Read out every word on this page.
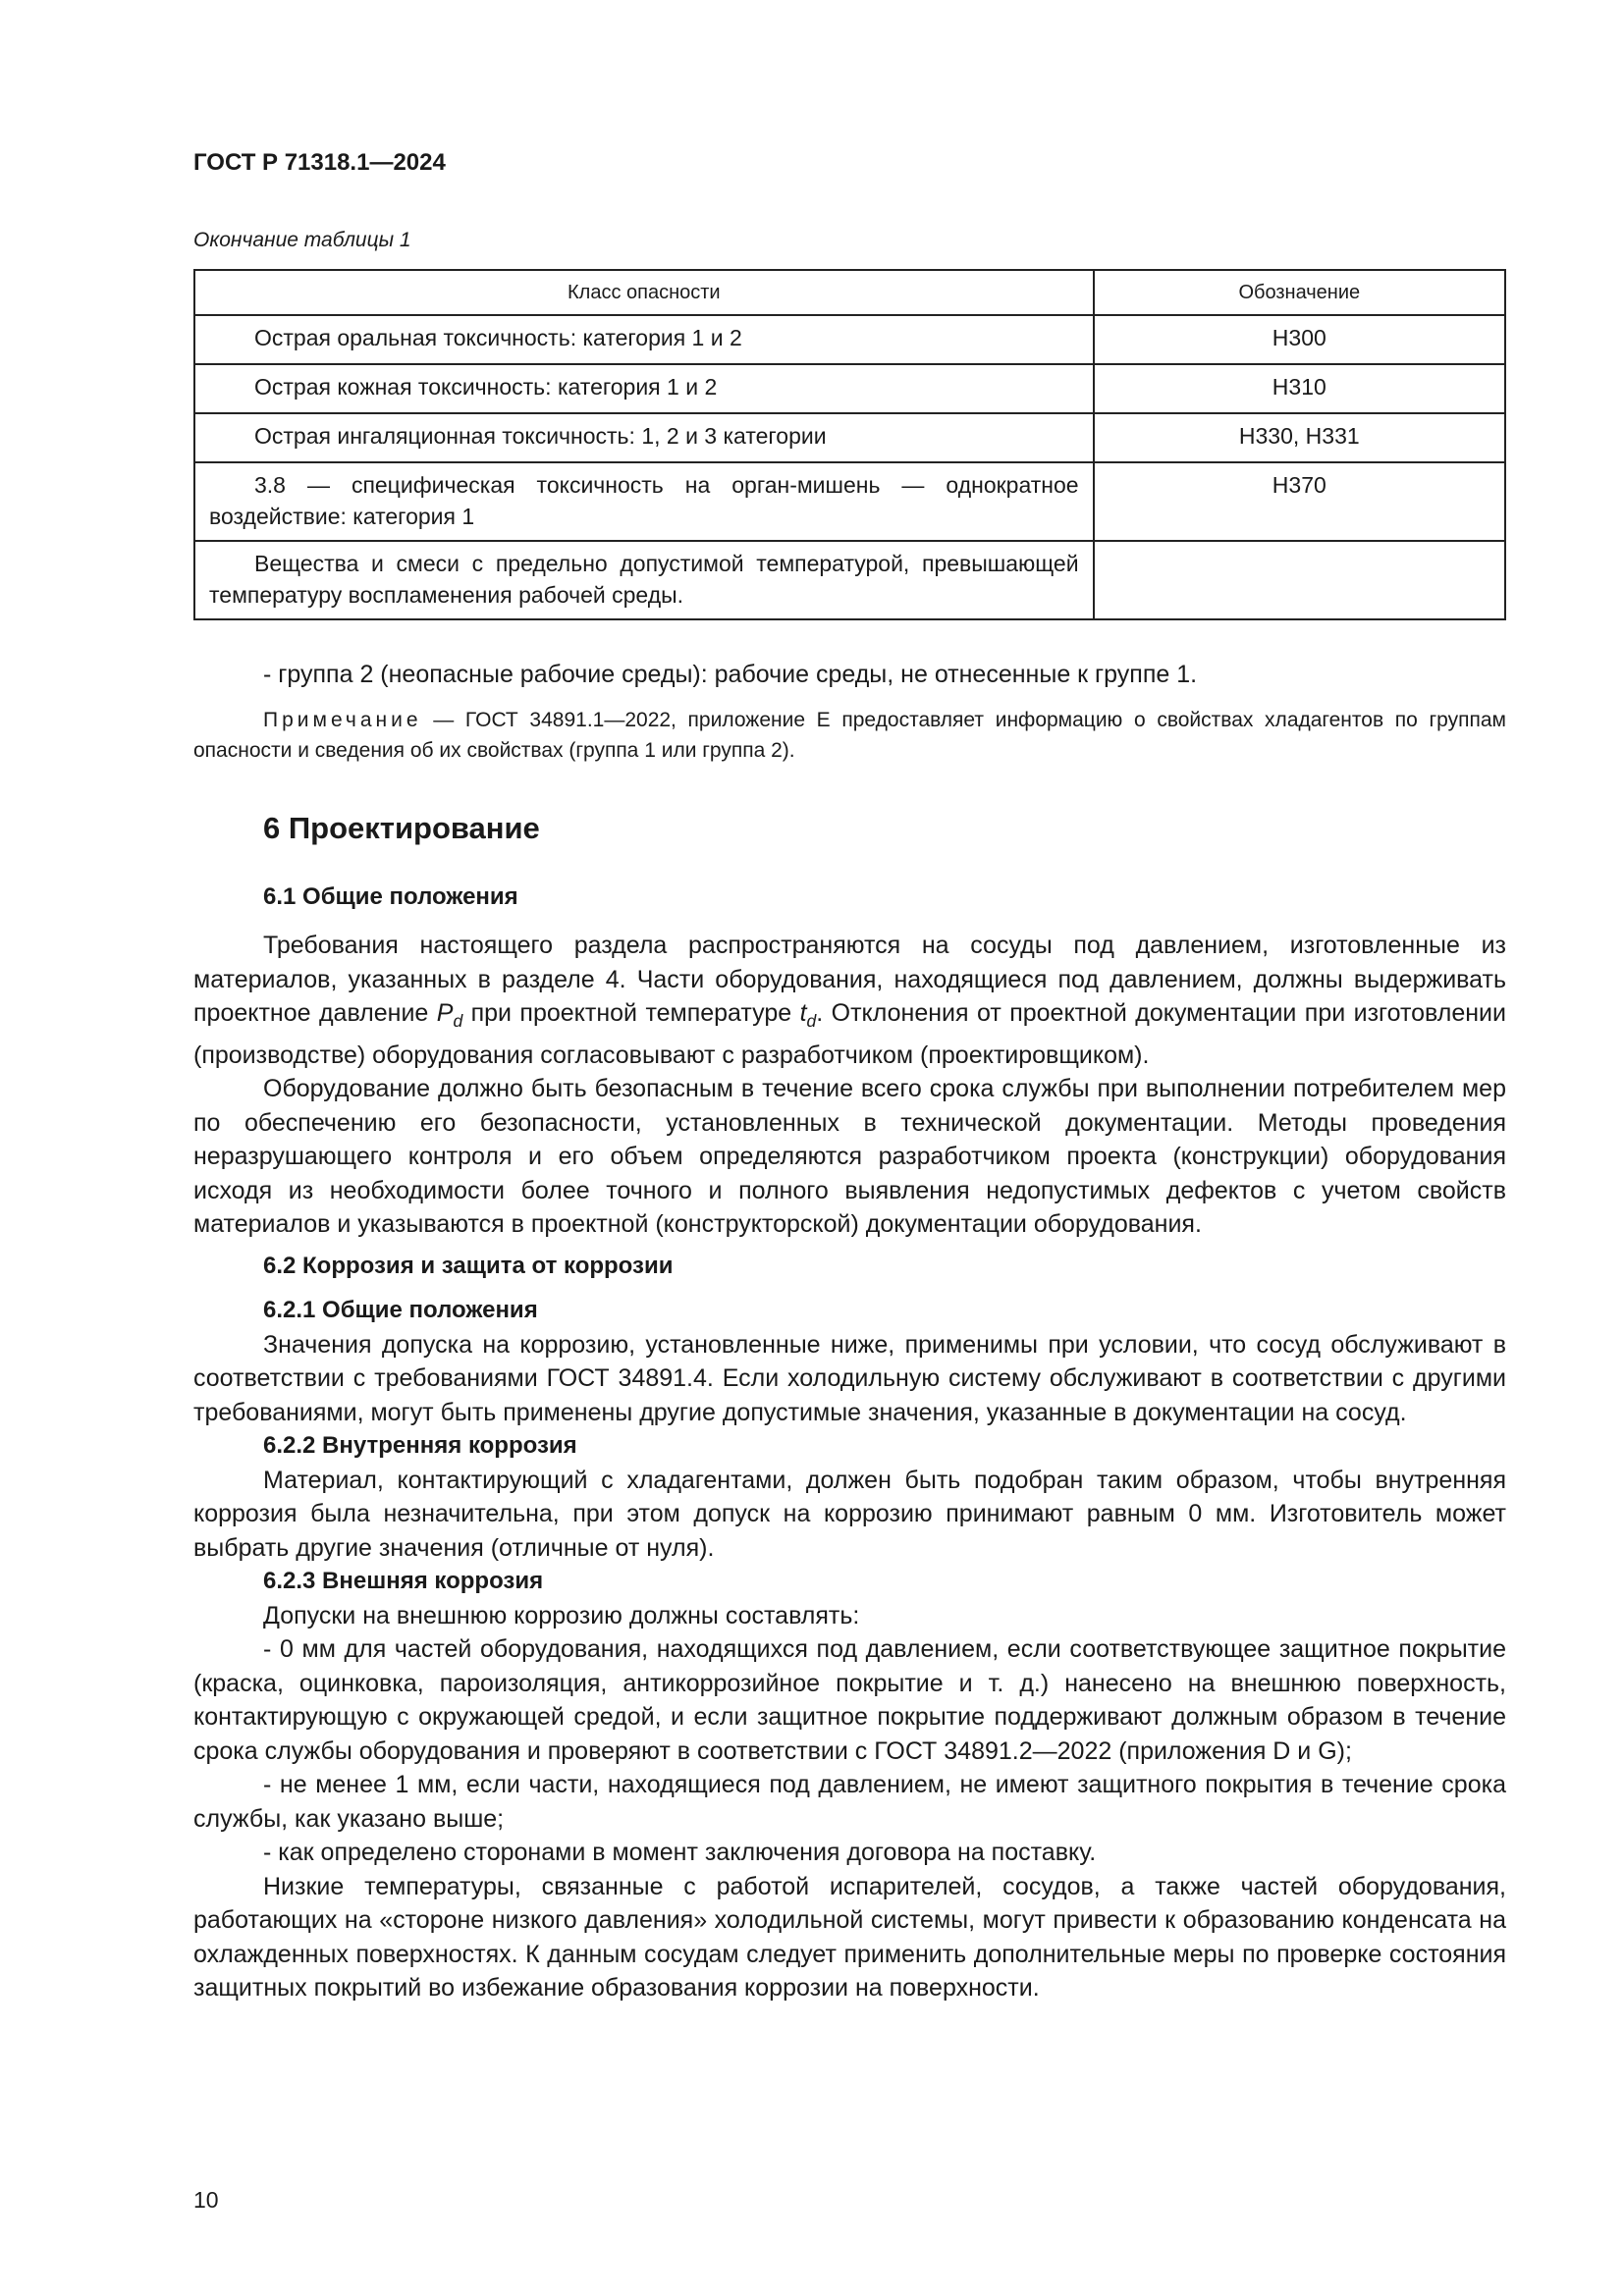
ГОСТ Р 71318.1—2024
Окончание таблицы 1
Класс опасности	Обозначение
Острая оральная токсичность: категория 1 и 2	H300
Острая кожная токсичность: категория 1 и 2	H310
Острая ингаляционная токсичность: 1, 2 и 3 категории	H330, H331
3.8 — специфическая токсичность на орган-мишень — однократное воздействие: категория 1	H370
Вещества и смеси с предельно допустимой температурой, превышающей температуру воспламенения рабочей среды.	

- группа 2 (неопасные рабочие среды): рабочие среды, не отнесенные к группе 1.

Примечание — ГОСТ 34891.1—2022, приложение Е предоставляет информацию о свойствах хладагентов по группам опасности и сведения об их свойствах (группа 1 или группа 2).
6 Проектирование
6.1 Общие положения

Требования настоящего раздела распространяются на сосуды под давлением, изготовленные из материалов, указанных в разделе 4. Части оборудования, находящиеся под давлением, должны выдерживать проектное давление $P_d$ при проектной температуре $t_d$. Отклонения от проектной документации при изготовлении (производстве) оборудования согласовывают с разработчиком (проектировщиком).

Оборудование должно быть безопасным в течение всего срока службы при выполнении потребителем мер по обеспечению его безопасности, установленных в технической документации. Методы проведения неразрушающего контроля и его объем определяются разработчиком проекта (конструкции) оборудования исходя из необходимости более точного и полного выявления недопустимых дефектов с учетом свойств материалов и указываются в проектной (конструкторской) документации оборудования.

6.2 Коррозия и защита от коррозии

6.2.1 Общие положения

Значения допуска на коррозию, установленные ниже, применимы при условии, что сосуд обслуживают в соответствии с требованиями ГОСТ 34891.4. Если холодильную систему обслуживают в соответствии с другими требованиями, могут быть применены другие допустимые значения, указанные в документации на сосуд.

6.2.2 Внутренняя коррозия

Материал, контактирующий с хладагентами, должен быть подобран таким образом, чтобы внутренняя коррозия была незначительна, при этом допуск на коррозию принимают равным 0 мм. Изготовитель может выбрать другие значения (отличные от нуля).

6.2.3 Внешняя коррозия

Допуски на внешнюю коррозию должны составлять:

- 0 мм для частей оборудования, находящихся под давлением, если соответствующее защитное покрытие (краска, оцинковка, пароизоляция, антикоррозийное покрытие и т. д.) нанесено на внешнюю поверхность, контактирующую с окружающей средой, и если защитное покрытие поддерживают должным образом в течение срока службы оборудования и проверяют в соответствии с ГОСТ 34891.2—2022 (приложения D и G);

- не менее 1 мм, если части, находящиеся под давлением, не имеют защитного покрытия в течение срока службы, как указано выше;

- как определено сторонами в момент заключения договора на поставку.

Низкие температуры, связанные с работой испарителей, сосудов, а также частей оборудования, работающих на «стороне низкого давления» холодильной системы, могут привести к образованию конденсата на охлажденных поверхностях. К данным сосудам следует применить дополнительные меры по проверке состояния защитных покрытий во избежание образования коррозии на поверхности.

10
